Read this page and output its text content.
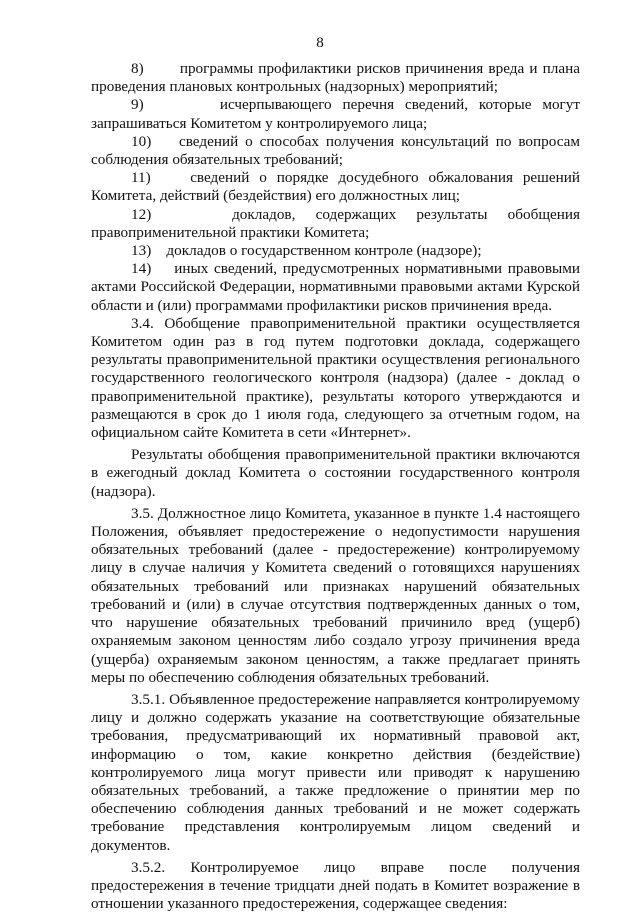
8

8)       программы профилактики рисков причинения вреда и плана проведения плановых контрольных (надзорных) мероприятий;

9)       исчерпывающего перечня сведений, которые могут запрашиваться Комитетом у контролируемого лица;

10)    сведений о способах получения консультаций по вопросам соблюдения обязательных требований;

11)    сведений о порядке досудебного обжалования решений Комитета, действий (бездействия) его должностных лиц;

12)    докладов, содержащих результаты обобщения правоприменительной практики Комитета;

13)    докладов о государственном контроле (надзоре);

14)    иных сведений, предусмотренных нормативными правовыми актами Российской Федерации, нормативными правовыми актами Курской области и (или) программами профилактики рисков причинения вреда.

3.4. Обобщение правоприменительной практики осуществляется Комитетом один раз в год путем подготовки доклада, содержащего результаты правоприменительной практики осуществления регионального государственного геологического контроля (надзора) (далее - доклад о правоприменительной практике), результаты которого утверждаются и размещаются в срок до 1 июля года, следующего за отчетным годом, на официальном сайте Комитета в сети «Интернет».

Результаты обобщения правоприменительной практики включаются в ежегодный доклад Комитета о состоянии государственного контроля (надзора).

3.5. Должностное лицо Комитета, указанное в пункте 1.4 настоящего Положения, объявляет предостережение о недопустимости нарушения обязательных требований (далее - предостережение) контролируемому лицу в случае наличия у Комитета сведений о готовящихся нарушениях обязательных требований или признаках нарушений обязательных требований и (или) в случае отсутствия подтвержденных данных о том, что нарушение обязательных требований причинило вред (ущерб) охраняемым законом ценностям либо создало угрозу причинения вреда (ущерба) охраняемым законом ценностям, а также предлагает принять меры по обеспечению соблюдения обязательных требований.

3.5.1. Объявленное предостережение направляется контролируемому лицу и должно содержать указание на соответствующие обязательные требования, предусматривающий их нормативный правовой акт, информацию о том, какие конкретно действия (бездействие) контролируемого лица могут привести или приводят к нарушению обязательных требований, а также предложение о принятии мер по обеспечению соблюдения данных требований и не может содержать требование представления контролируемым лицом сведений и документов.

3.5.2. Контролируемое лицо вправе после получения предостережения в течение тридцати дней подать в Комитет возражение в отношении указанного предостережения, содержащее сведения:
